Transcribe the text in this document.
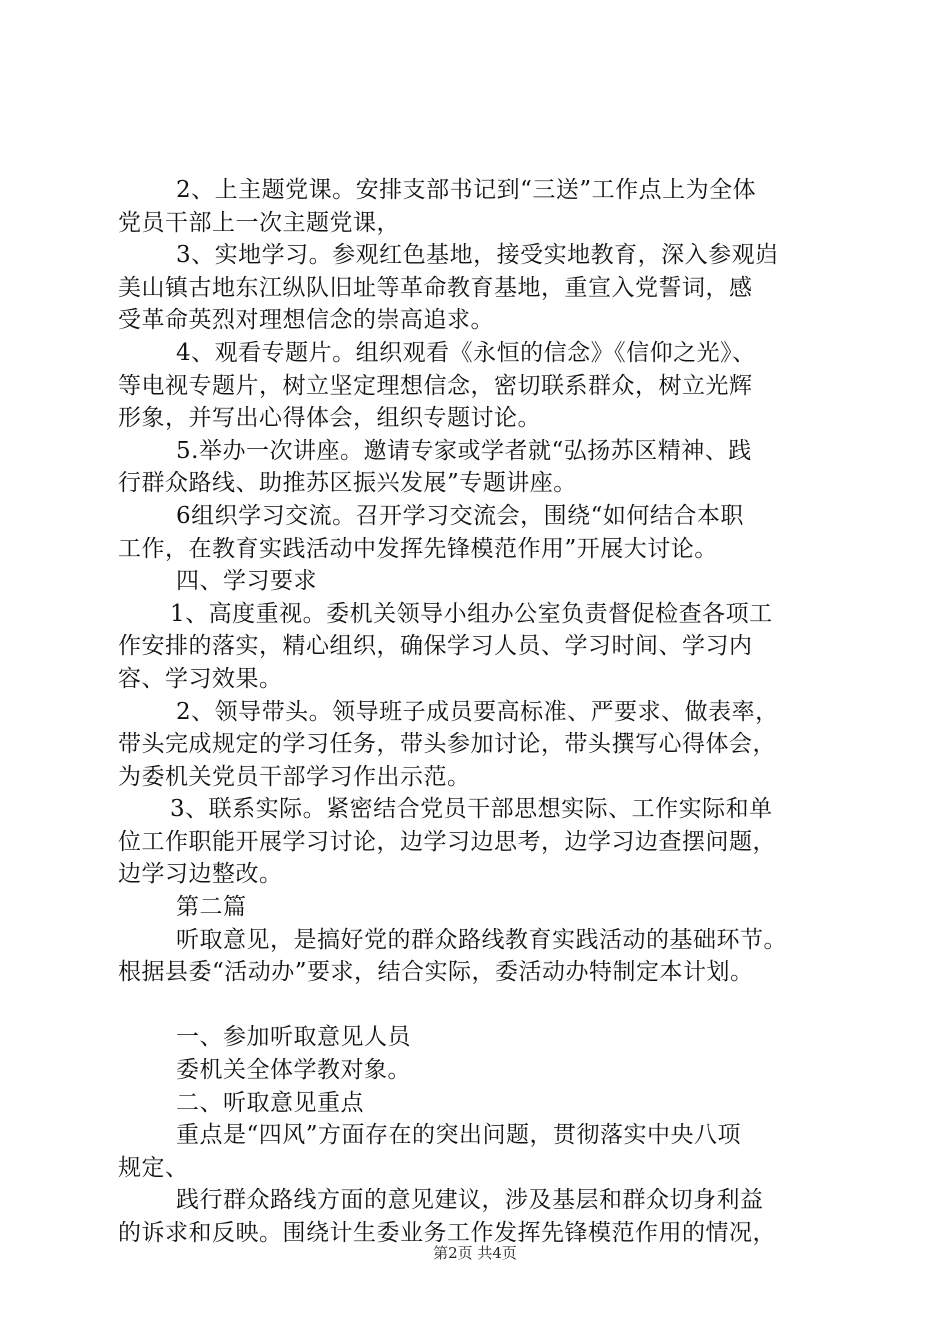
2、上主题党课。安排支部书记到“三送”工作点上为全体
党员干部上一次主题党课，
3、实地学习。参观红色基地，接受实地教育，深入参观岿
美山镇古地东江纵队旧址等革命教育基地，重宣入党誓词，感
受革命英烈对理想信念的崇高追求。
4、观看专题片。组织观看《永恒的信念》《信仰之光》、
等电视专题片，树立坚定理想信念，密切联系群众，树立光辉
形象，并写出心得体会，组织专题讨论。
5.举办一次讲座。邀请专家或学者就“弘扬苏区精神、践
行群众路线、助推苏区振兴发展”专题讲座。
6组织学习交流。召开学习交流会，围绕“如何结合本职
工作，在教育实践活动中发挥先锋模范作用”开展大讨论。
四、学习要求
1、高度重视。委机关领导小组办公室负责督促检查各项工
作安排的落实，精心组织，确保学习人员、学习时间、学习内
容、学习效果。
2、领导带头。领导班子成员要高标准、严要求、做表率，
带头完成规定的学习任务，带头参加讨论，带头撰写心得体会，
为委机关党员干部学习作出示范。
3、联系实际。紧密结合党员干部思想实际、工作实际和单
位工作职能开展学习讨论，边学习边思考，边学习边查摆问题，
边学习边整改。
第二篇
听取意见，是搞好党的群众路线教育实践活动的基础环节。
根据县委“活动办”要求，结合实际，委活动办特制定本计划。
一、参加听取意见人员
委机关全体学教对象。
二、听取意见重点
重点是“四风”方面存在的突出问题，贯彻落实中央八项
规定、
践行群众路线方面的意见建议，涉及基层和群众切身利益
的诉求和反映。围绕计生委业务工作发挥先锋模范作用的情况，
第2页 共4页
